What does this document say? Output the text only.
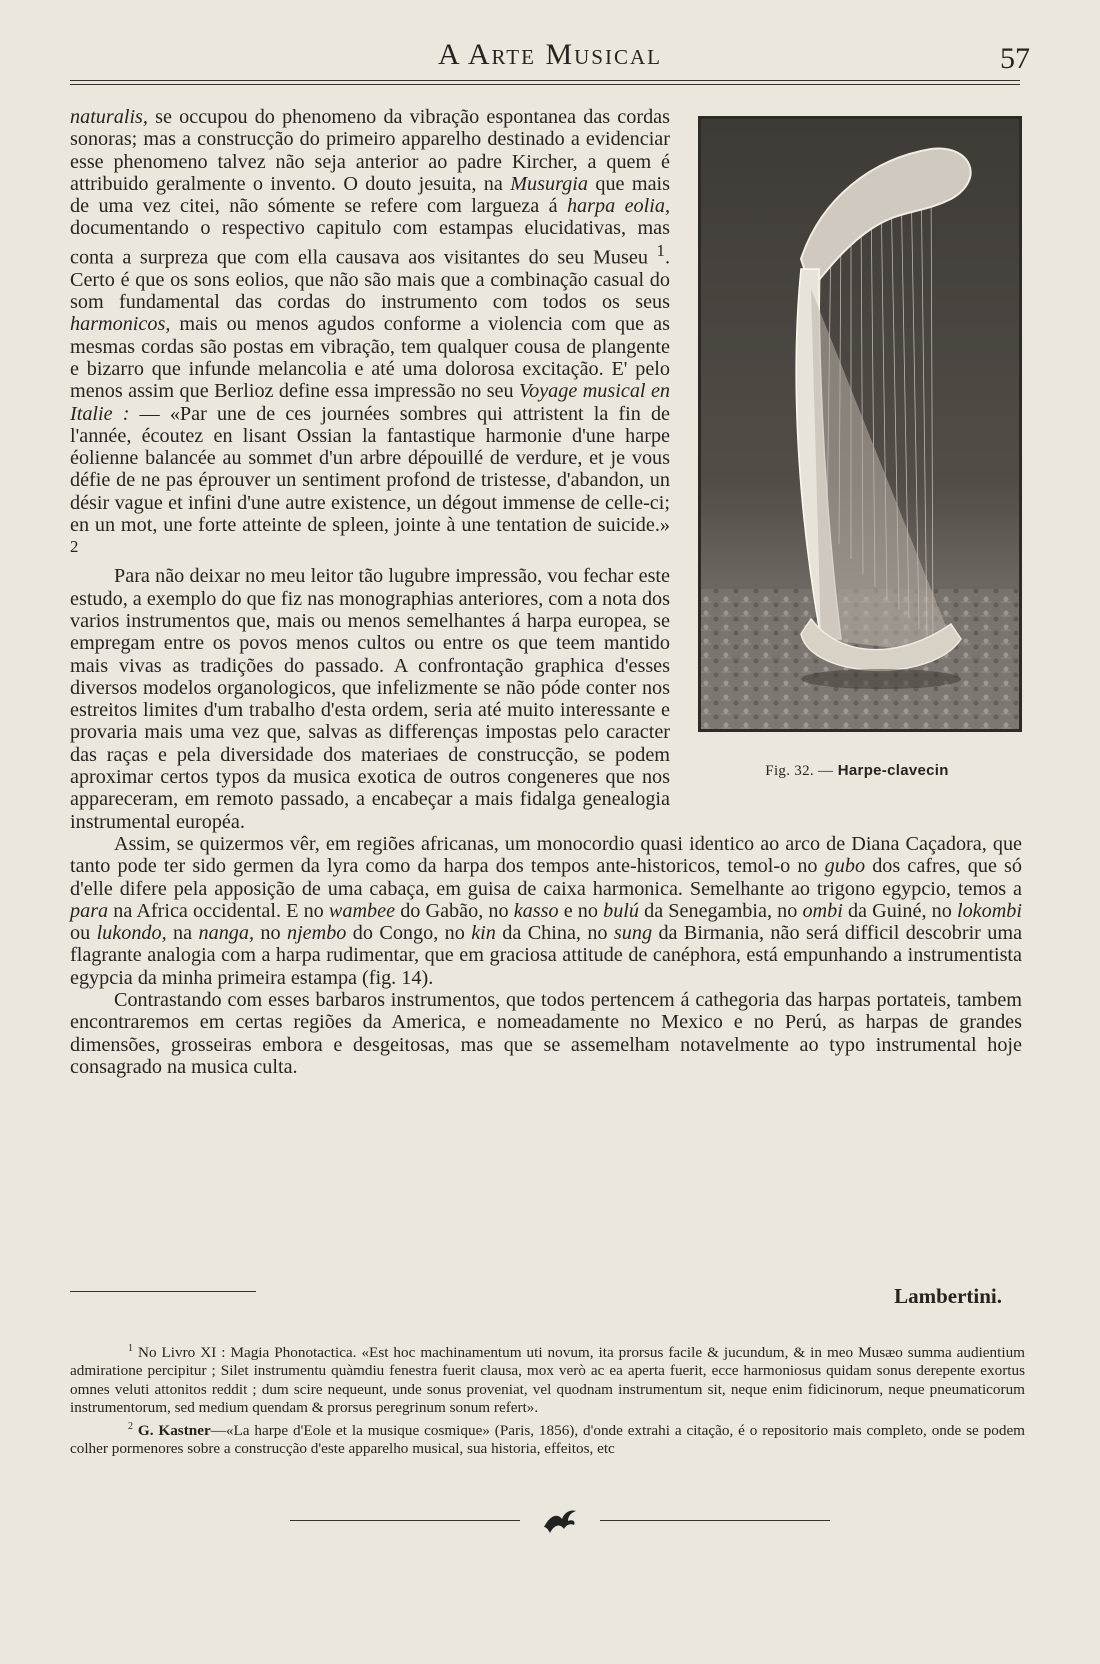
A Arte Musical	57
Fig. 32. — Harpe-clavecin

naturalis, se occupou do phenomeno da vibração espontanea das cordas sonoras; mas a construcção do primeiro apparelho destinado a evidenciar esse phenomeno talvez não seja anterior ao padre Kircher, a quem é attribuido geralmente o invento. O douto jesuita, na Musurgia que mais de uma vez citei, não sómente se refere com largueza á harpa eolia, documentando o respectivo capitulo com estampas elucidativas, mas conta a surpreza que com ella causava aos visitantes do seu Museu $^1$. Certo é que os sons eolios, que não são mais que a combinação casual do som fundamental das cordas do instrumento com todos os seus harmonicos, mais ou menos agudos conforme a violencia com que as mesmas cordas são postas em vibração, tem qualquer cousa de plangente e bizarro que infunde melancolia e até uma dolorosa excitação. E' pelo menos assim que Berlioz define essa impressão no seu Voyage musical en Italie : — «Par une de ces journées sombres qui attristent la fin de l'année, écoutez en lisant Ossian la fantastique harmonie d'une harpe éolienne balancée au sommet d'un arbre dépouillé de verdure, et je vous défie de ne pas éprouver un sentiment profond de tristesse, d'abandon, un désir vague et infini d'une autre existence, un dégout immense de celle-ci; en un mot, une forte atteinte de spleen, jointe à une tentation de suicide.» $^2$

Para não deixar no meu leitor tão lugubre impressão, vou fechar este estudo, a exemplo do que fiz nas monographias anteriores, com a nota dos varios instrumentos que, mais ou menos semelhantes á harpa europea, se empregam entre os povos menos cultos ou entre os que teem mantido mais vivas as tradições do passado. A confrontação graphica d'esses diversos modelos organologicos, que infelizmente se não póde conter nos estreitos limites d'um trabalho d'esta ordem, seria até muito interessante e provaria mais uma vez que, salvas as differenças impostas pelo caracter das raças e pela diversidade dos materiaes de construcção, se podem aproximar certos typos da musica exotica de outros congeneres que nos appareceram, em remoto passado, a encabeçar a mais fidalga genealogia instrumental européa.

Assim, se quizermos vêr, em regiões africanas, um monocordio quasi identico ao arco de Diana Caçadora, que tanto pode ter sido germen da lyra como da harpa dos tempos ante-historicos, temol-o no gubo dos cafres, que só d'elle difere pela apposição de uma cabaça, em guisa de caixa harmonica. Semelhante ao trigono egypcio, temos a para na Africa occidental. E no wambee do Gabão, no kasso e no bulú da Senegambia, no ombi da Guiné, no lokombi ou lukondo, na nanga, no njembo do Congo, no kin da China, no sung da Birmania, não será difficil descobrir uma flagrante analogia com a harpa rudimentar, que em graciosa attitude de canéphora, está empunhando a instrumentista egypcia da minha primeira estampa (fig. 14).

Contrastando com esses barbaros instrumentos, que todos pertencem á cathegoria das harpas portateis, tambem encontraremos em certas regiões da America, e nomeadamente no Mexico e no Perú, as harpas de grandes dimensões, grosseiras embora e desgeitosas, mas que se assemelham notavelmente ao typo instrumental hoje consagrado na musica culta.

Lambertini.

$^1$ No Livro XI : Magia Phonotactica. «Est hoc machinamentum uti novum, ita prorsus facile & jucundum, & in meo Musæo summa audientium admiratione percipitur ; Silet instrumentu quàmdiu fenestra fuerit clausa, mox verò ac ea aperta fuerit, ecce harmoniosus quidam sonus derepente exortus omnes veluti attonitos reddit ; dum scire nequeunt, unde sonus proveniat, vel quodnam instrumentum sit, neque enim fidicinorum, neque pneumaticorum instrumentorum, sed medium quendam & prorsus peregrinum sonum refert».

$^2$ G. Kastner—«La harpe d'Eole et la musique cosmique» (Paris, 1856), d'onde extrahi a citação, é o repositorio mais completo, onde se podem colher pormenores sobre a construcção d'este apparelho musical, sua historia, effeitos, etc
